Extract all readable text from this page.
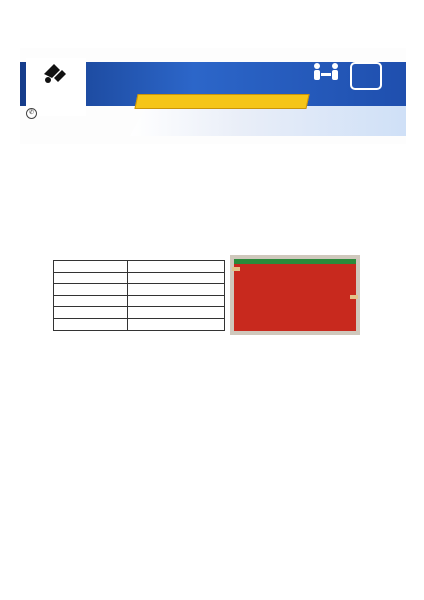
✆
